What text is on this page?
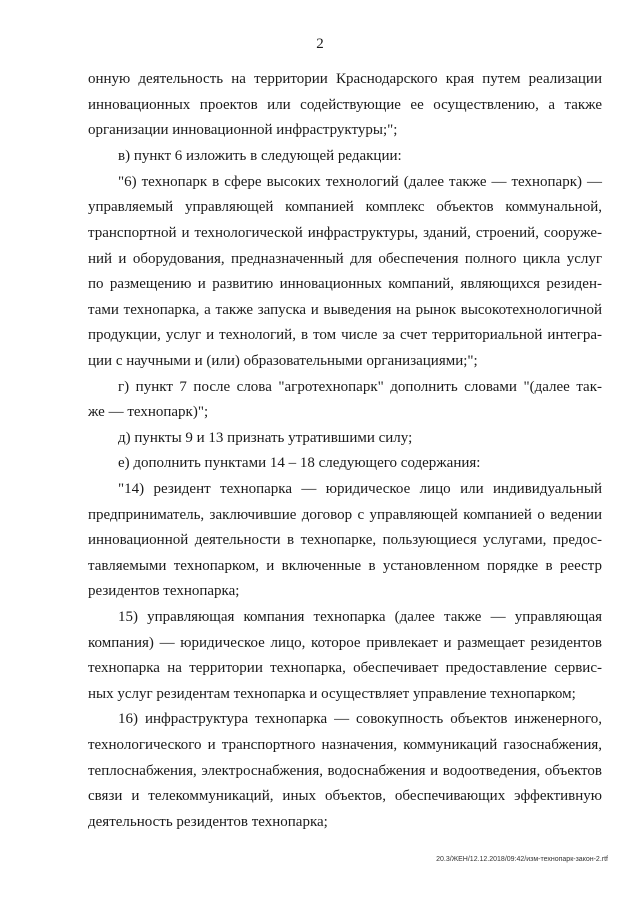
2
онную деятельность на территории Краснодарского края путем реализации
инновационных проектов или содействующие ее осуществлению, а также
организации инновационной инфраструктуры;";
в) пункт 6 изложить в следующей редакции:
"6) технопарк в сфере высоких технологий (далее также — технопарк) —
управляемый управляющей компанией комплекс объектов коммунальной,
транспортной и технологической инфраструктуры, зданий, строений, сооруже-
ний и оборудования, предназначенный для обеспечения полного цикла услуг
по размещению и развитию инновационных компаний, являющихся резиден-
тами технопарка, а также запуска и выведения на рынок высокотехнологичной
продукции, услуг и технологий, в том числе за счет территориальной интегра-
ции с научными и (или) образовательными организациями;";
г) пункт 7 после слова "агротехнопарк" дополнить словами "(далее так-
же — технопарк)";
д) пункты 9 и 13 признать утратившими силу;
е) дополнить пунктами 14 – 18 следующего содержания:
"14) резидент технопарка — юридическое лицо или индивидуальный
предприниматель, заключившие договор с управляющей компанией о ведении
инновационной деятельности в технопарке, пользующиеся услугами, предос-
тавляемыми технопарком, и включенные в установленном порядке в реестр
резидентов технопарка;
15) управляющая компания технопарка (далее также — управляющая
компания) — юридическое лицо, которое привлекает и размещает резидентов
технопарка на территории технопарка, обеспечивает предоставление сервис-
ных услуг резидентам технопарка и осуществляет управление технопарком;
16) инфраструктура технопарка — совокупность объектов инженерного,
технологического и транспортного назначения, коммуникаций газоснабжения,
теплоснабжения, электроснабжения, водоснабжения и водоотведения, объектов
связи и телекоммуникаций, иных объектов, обеспечивающих эффективную
деятельность резидентов технопарка;
20.3/ЖЕН/12.12.2018/09:42/изм-технопарк-закон-2.rtf
